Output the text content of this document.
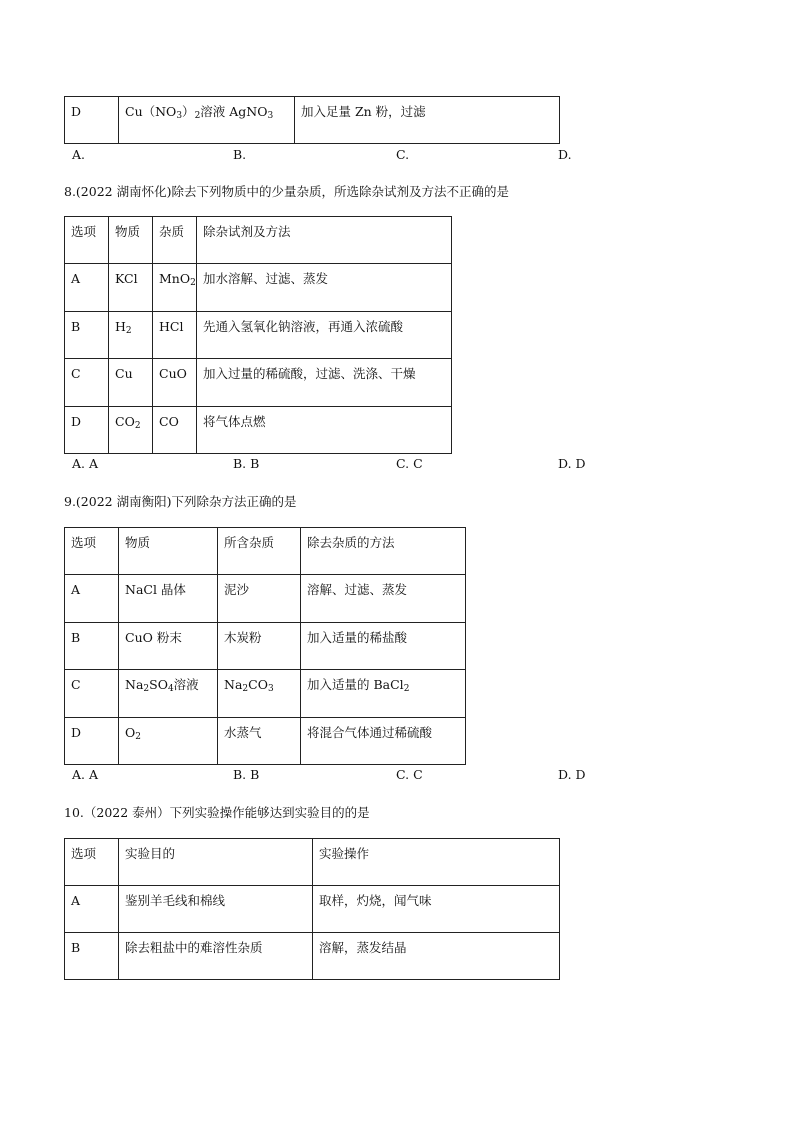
D	$Cu(NO_3)_2$溶液 AgNO$_3$	加入足量 Zn 粉，过滤
A.	B.	C.	D.
8.(2022 湖南怀化)除去下列物质中的少量杂质，所选除杂试剂及方法不正确的是
选项	物质	杂质	除杂试剂及方法
A	KCl	MnO$_2$	加水溶解、过滤、蒸发
B	$H_2$	HCl	先通入氢氧化钠溶液，再通入浓硫酸
C	Cu	CuO	加入过量的稀硫酸，过滤、洗涤、干燥
D	$CO_2$	CO	将气体点燃
A. A	B. B	C. C	D. D
9.(2022 湖南衡阳)下列除杂方法正确的是
选项	物质	所含杂质	除去杂质的方法
A	NaCl 晶体	泥沙	溶解、过滤、蒸发
B	CuO 粉末	木炭粉	加入适量的稀盐酸
C	$Na_2SO_4$溶液	$Na_2CO_3$	加入适量的 BaCl$_2$
D	$O_2$	水蒸气	将混合气体通过稀硫酸
A. A	B. B	C. C	D. D
10.（2022 泰州）下列实验操作能够达到实验目的的是
选项	实验目的	实验操作
A	鉴别羊毛线和棉线	取样，灼烧，闻气味
B	除去粗盐中的难溶性杂质	溶解，蒸发结晶
